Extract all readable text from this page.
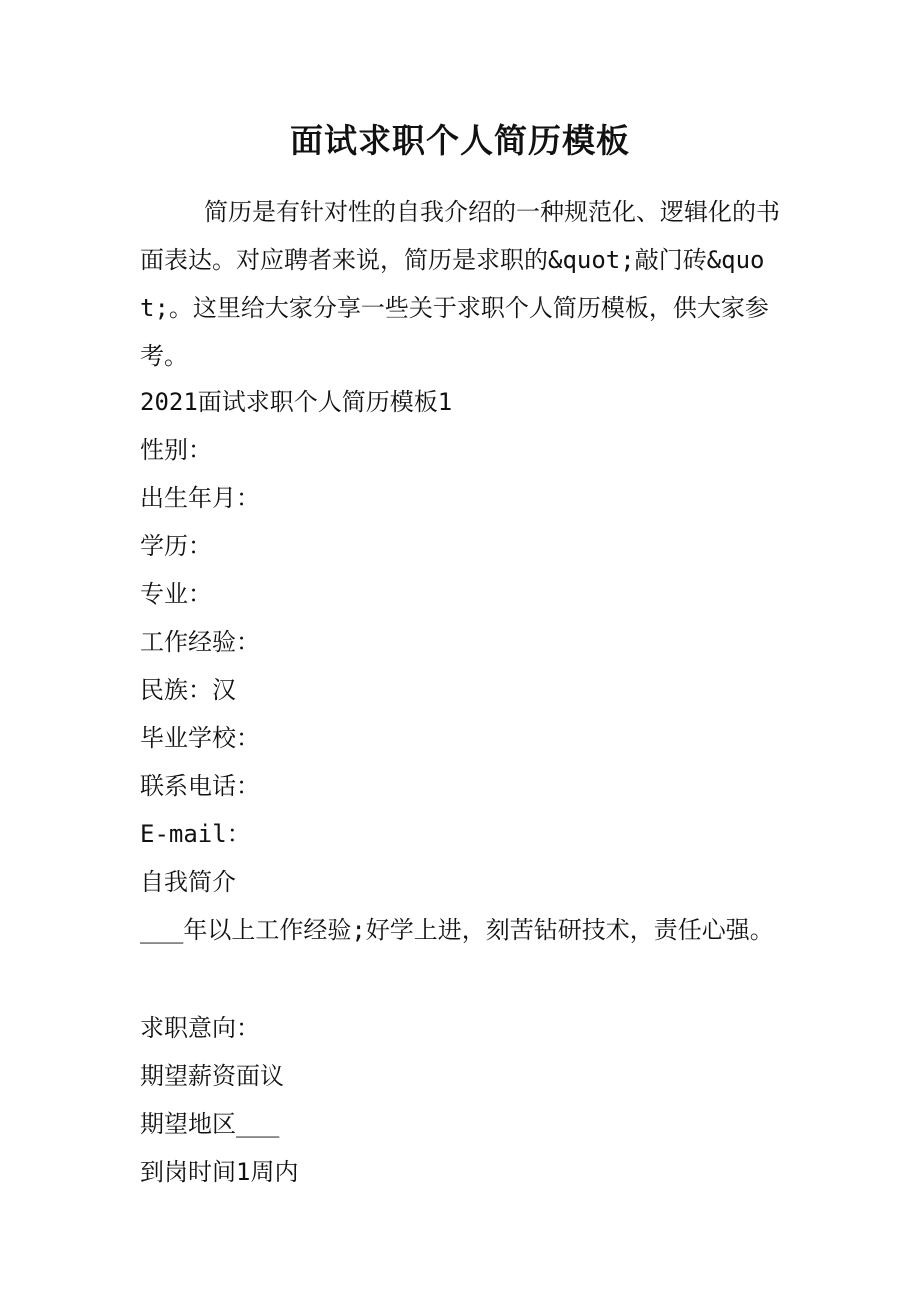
面试求职个人简历模板

简历是有针对性的自我介绍的一种规范化、逻辑化的书面表达。对应聘者来说，简历是求职的&quot;敲门砖&quot;。这里给大家分享一些关于求职个人简历模板，供大家参考。

2021面试求职个人简历模板1

性别：

出生年月：

学历：

专业：

工作经验：

民族：汉

毕业学校：

联系电话：

E-mail：

自我简介

___年以上工作经验;好学上进，刻苦钻研技术，责任心强。

求职意向：

期望薪资面议

期望地区___

到岗时间1周内
